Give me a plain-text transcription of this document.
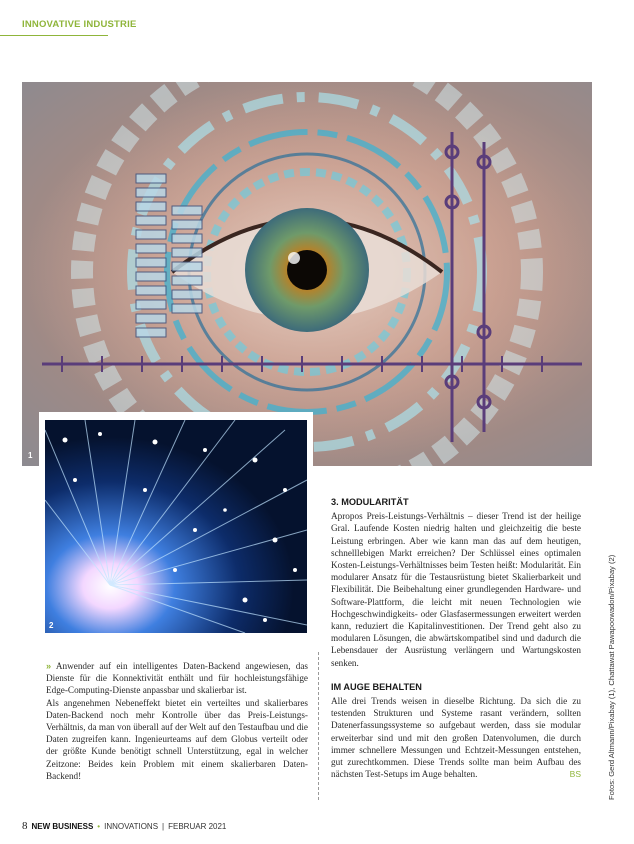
INNOVATIVE INDUSTRIE
1
2

» Anwender auf ein intelligentes Daten-Backend angewiesen, das Dienste für die Konnektivität enthält und für hochleistungsfähige Edge-Computing-Dienste anpassbar und skalierbar ist.

Als angenehmen Nebeneffekt bietet ein verteiltes und skalierbares Daten-Backend noch mehr Kontrolle über das Preis-Leistungs-Verhältnis, da man von überall auf der Welt auf den Testaufbau und die Daten zugreifen kann. Ingenieurteams auf dem Globus verteilt oder der größte Kunde benötigt schnell Unterstützung, egal in welcher Zeitzone: Beides kein Problem mit einem skalierbaren Daten-Backend!

3. MODULARITÄT

Apropos Preis-Leistungs-Verhältnis – dieser Trend ist der heilige Gral. Laufende Kosten niedrig halten und gleichzeitig die beste Leistung erbringen. Aber wie kann man das auf dem heutigen, schnelllebigen Markt erreichen? Der Schlüssel eines optimalen Kosten-Leistungs-Verhältnisses beim Testen heißt: Modularität. Ein modularer Ansatz für die Testausrüstung bietet Skalierbarkeit und Flexibilität. Die Beibehaltung einer grundlegenden Hardware- und Software-Plattform, die leicht mit neuen Technologien wie Hochgeschwindigkeits- oder Glasfasermessungen erweitert werden kann, reduziert die Kapitalinvestitionen. Der Trend geht also zu modularen Lösungen, die abwärtskompatibel sind und dadurch die Lebensdauer der Ausrüstung verlängern und Wartungskosten senken.

IM AUGE BEHALTEN

Alle drei Trends weisen in dieselbe Richtung. Da sich die zu testenden Strukturen und Systeme rasant verändern, sollten Datenerfassungssysteme so aufgebaut werden, dass sie modular erweiterbar sind und mit den großen Datenvolumen, die durch immer schnellere Messungen und Echtzeit-Messungen entstehen, gut zurechtkommen. Diese Trends sollte man beim Aufbau des nächsten Test-Setups im Auge behalten.	BS	Fotos: Gerd Altmann/Pixabay (1), Chattawat Pawapoowadon/Pixabay (2)
8 NEW BUSINESS • INNOVATIONS | FEBRUAR 2021
